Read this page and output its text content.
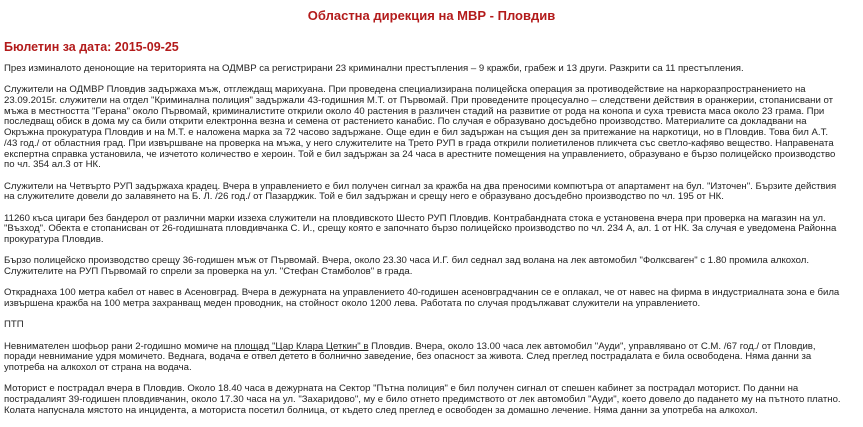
Областна дирекция на МВР - Пловдив
Бюлетин за дата: 2015-09-25

През изминалото денонощие на територията на ОДМВР са регистрирани 23 криминални престъпления – 9 кражби, грабеж и 13 други. Разкрити са 11 престъпления.

Служители на ОДМВР Пловдив задържаха мъж, отглеждащ марихуана. При проведена специализирана полицейска операция за противодействие на наркоразпространението на 23.09.2015г. служители на отдел "Криминална полиция" задържали 43-годишния М.Т. от Първомай. При проведените процесуално – следствени действия в оранжерии, стопанисвани от мъжа в местността "Герана" около Първомай, криминалистите открили около 40 растения в различен стадий на развитие от рода на конопа и суха тревиста маса около 23 грама. При последващ обиск в дома му са били открити електронна везна и семена от растението канабис. По случая е образувано досъдебно производство. Материалите са докладвани на Окръжна прокуратура Пловдив и на М.Т. е наложена марка за 72 часово задържане. Още един е бил задържан на същия ден за притежание на наркотици, но в Пловдив. Това бил А.Т. /43 год./ от областния град. При извършване на проверка на мъжа, у него служителите на Трето РУП в града открили полиетиленов пликчета със светло-кафяво вещество. Направената експертна справка установила, че изчетото количество е хероин. Той е бил задържан за 24 часа в арестните помещения на управлението, образувано е бързо полицейско производство по чл. 354 ал.3 от НК.

Служители на Четвърто РУП задържаха крадец. Вчера в управлението е бил получен сигнал за кражба на два преносими компютъра от апартамент на бул. "Източен". Бързите действия на служителите довели до залавянето на Б. Л. /26 год./ от Пазарджик. Той е бил задържан и срещу него е образувано досъдебно производство по чл. 195 от НК.

11260 къса цигари без бандерол от различни марки иззеха служители на пловдивското Шесто РУП Пловдив. Контрабандната стока е установена вчера при проверка на магазин на ул. "Възход". Обекта е стопанисван от 26-годишната пловдивчанка С. И., срещу която е започнато бързо полицейско производство по чл. 234 А, ал. 1 от НК. За случая е уведомена Районна прокуратура Пловдив.

Бързо полицейско производство срещу 36-годишен мъж от Първомай. Вчера, около 23.30 часа И.Г. бил седнал зад волана на лек автомобил "Фолксваген" с 1.80 промила алкохол. Служителите на РУП Първомай го спрели за проверка на ул. "Стефан Стамболов" в града.

Откраднаха 100 метра кабел от навес в Асеновград. Вчера в дежурната на управлението 40-годишен асеновградчанин се е оплакал, че от навес на фирма в индустриалната зона е била извършена кражба на 100 метра захранващ меден проводник, на стойност около 1200 лева. Работата по случая продължават служители на управлението.

ПТП

Невнимателен шофьор рани 2-годишно момиче на площад "Цар Клара Цеткин" в Пловдив. Вчера, около 13.00 часа лек автомобил "Ауди", управлявано от С.М. /67 год./ от Пловдив, поради невнимание удря момичето. Веднага, водача е отвел детето в болнично заведение, без опасност за живота. След преглед пострадалата е била освободена. Няма данни за употреба на алкохол от страна на водача.

Моторист е пострадал вчера в Пловдив. Около 18.40 часа в дежурната на Сектор "Пътна полиция" е бил получен сигнал от спешен кабинет за пострадал моторист. По данни на пострадалият 39-годишен пловдивчанин, около 17.30 часа на ул. "Захаридово", му е било отнето предимството от лек автомобил "Ауди", което довело до падането му на пътното платно. Колата напуснала мястото на инцидента, а моториста посетил болница, от където след преглед е освободен за домашно лечение. Няма данни за употреба на алкохол.
